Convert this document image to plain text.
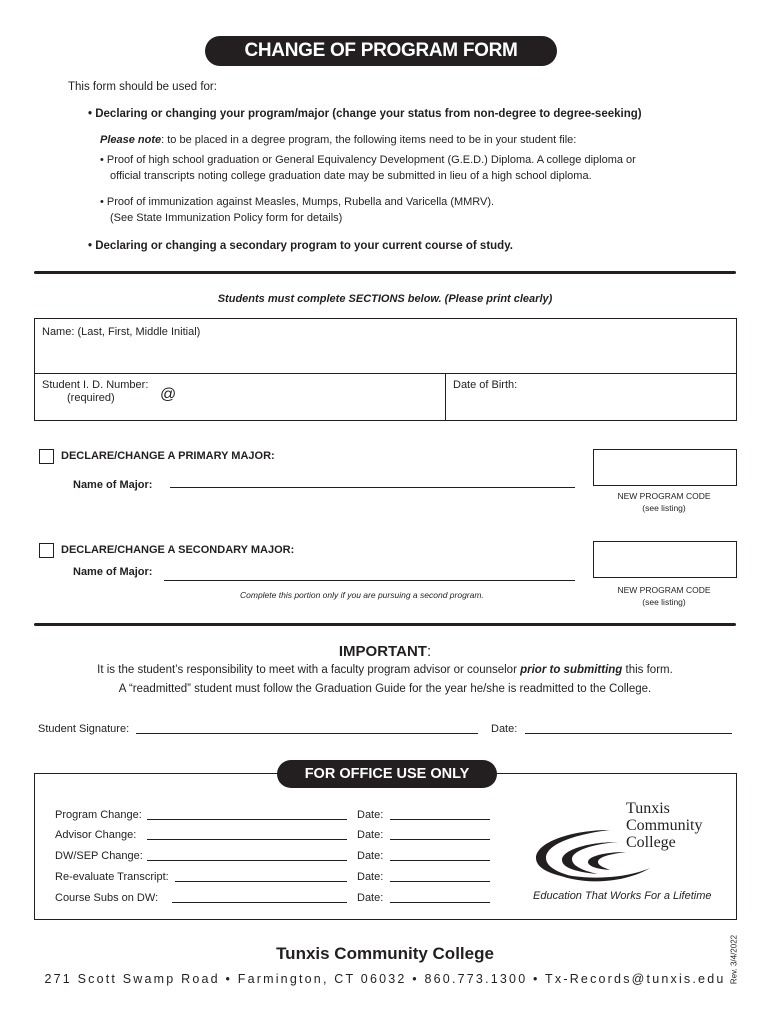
CHANGE OF PROGRAM FORM
This form should be used for:
• Declaring or changing your program/major (change your status from non-degree to degree-seeking)
Please note: to be placed in a degree program, the following items need to be in your student file:
• Proof of high school graduation or General Equivalency Development (G.E.D.) Diploma. A college diploma or
official transcripts noting college graduation date may be submitted in lieu of a high school diploma.
• Proof of immunization against Measles, Mumps, Rubella and Varicella (MMRV).
(See State Immunization Policy form for details)
• Declaring or changing a secondary program to your current course of study.
Students must complete SECTIONS below. (Please print clearly)
Name: (Last, First, Middle Initial)
Student I. D. Number:
(required)	@
Date of Birth:
DECLARE/CHANGE A PRIMARY MAJOR:
Name of Major:
NEW PROGRAM CODE
(see listing)
DECLARE/CHANGE A SECONDARY MAJOR:
Name of Major:
Complete this portion only if you are pursuing a second program.	NEW PROGRAM CODE
(see listing)
IMPORTANT:
It is the student’s responsibility to meet with a faculty program advisor or counselor prior to submitting this form.
A “readmitted” student must follow the Graduation Guide for the year he/she is readmitted to the College.
Student Signature:	Date:
FOR OFFICE USE ONLY
Program Change:	Date:
Advisor Change:	Date:
DW/SEP Change:	Date:
Re-evaluate Transcript:	Date:
Course Subs on DW:	Date:
Tunxis
Community
College
Education That Works For a Lifetime
Tunxis Community College
271 Scott Swamp Road • Farmington, CT 06032 • 860.773.1300 • Tx-Records@tunxis.edu Rev. 3/4/2022
